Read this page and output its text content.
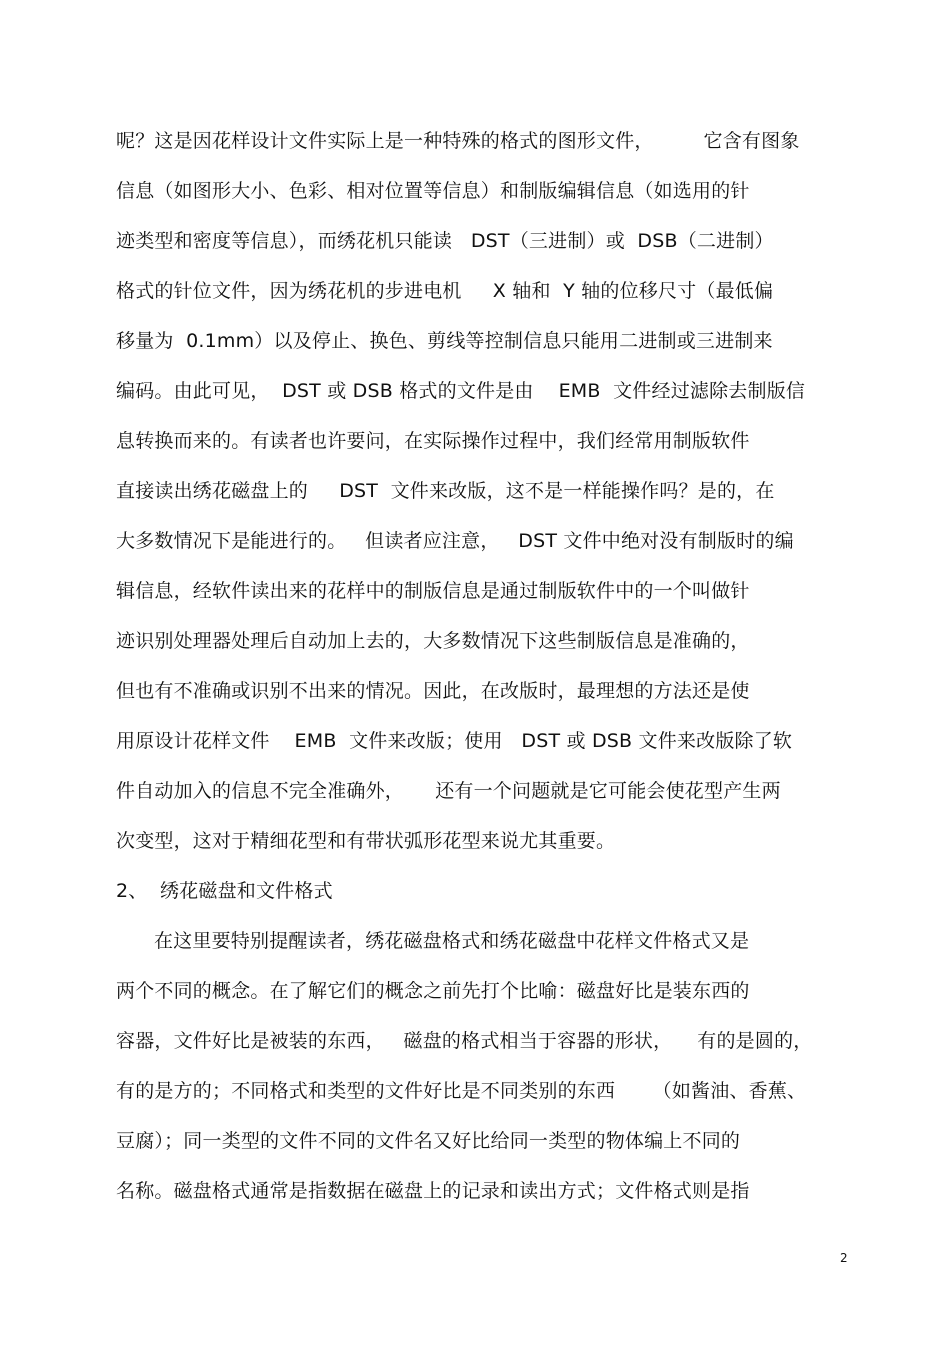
呢？这是因花样设计文件实际上是一种特殊的格式的图形文件，        它含有图象
信息（如图形大小、色彩、相对位置等信息）和制版编辑信息（如选用的针
迹类型和密度等信息），而绣花机只能读   DST（三进制）或  DSB（二进制）
格式的针位文件，因为绣花机的步进电机     X 轴和  Y 轴的位移尺寸（最低偏
移量为  0.1mm）以及停止、换色、剪线等控制信息只能用二进制或三进制来
编码。由此可见，  DST 或 DSB 格式的文件是由    EMB  文件经过滤除去制版信
息转换而来的。有读者也许要问，在实际操作过程中，我们经常用制版软件
直接读出绣花磁盘上的     DST  文件来改版，这不是一样能操作吗？是的，在
大多数情况下是能进行的。   但读者应注意，   DST 文件中绝对没有制版时的编
辑信息，经软件读出来的花样中的制版信息是通过制版软件中的一个叫做针
迹识别处理器处理后自动加上去的，大多数情况下这些制版信息是准确的，
但也有不准确或识别不出来的情况。因此，在改版时，最理想的方法还是使
用原设计花样文件    EMB  文件来改版；使用   DST 或 DSB 文件来改版除了软
件自动加入的信息不完全准确外，     还有一个问题就是它可能会使花型产生两
次变型，这对于精细花型和有带状弧形花型来说尤其重要。
2、  绣花磁盘和文件格式
在这里要特别提醒读者，绣花磁盘格式和绣花磁盘中花样文件格式又是
两个不同的概念。在了解它们的概念之前先打个比喻：磁盘好比是装东西的
容器，文件好比是被装的东西，   磁盘的格式相当于容器的形状，    有的是圆的，
有的是方的；不同格式和类型的文件好比是不同类别的东西      （如酱油、香蕉、
豆腐）；同一类型的文件不同的文件名又好比给同一类型的物体编上不同的
名称。磁盘格式通常是指数据在磁盘上的记录和读出方式；文件格式则是指
2
